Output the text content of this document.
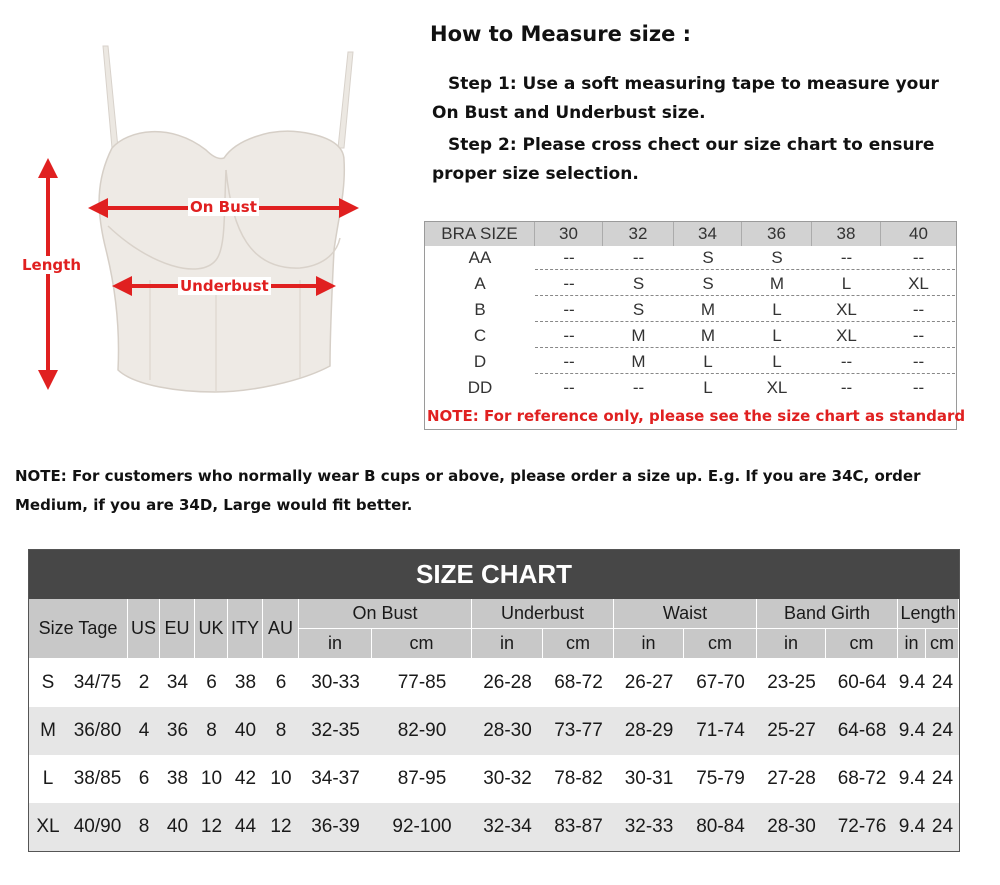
On Bust
Underbust
Length
How to Measure size :
Step 1: Use a soft measuring tape to measure your On Bust and Underbust size.
Step 2: Please cross chect our size chart to ensure proper size selection.
BRA SIZE	30	32	34	36	38	40
AA	--	--	S	S	--	--
A	--	S	S	M	L	XL
B	--	S	M	L	XL	--
C	--	M	M	L	XL	--
D	--	M	L	L	--	--
DD	--	--	L	XL	--	--
NOTE: For reference only, please see the size chart as standard
NOTE: For customers who normally wear B cups or above, please order a size up. E.g. If you are 34C, order Medium, if you are 34D, Large would fit better.
SIZE CHART
Size Tage US EU UK ITY AU
On Bust
in	cm
Underbust
in	cm
Waist
in	cm
Band Girth
in	cm
Length
in cm
S	34/75 2 34 6 38	6	30-33	77-85	26-28	68-72	26-27	67-70	23-25	60-64 9.4 24
M 36/80 4 36 8 40	8	32-35	82-90	28-30	73-77	28-29	71-74	25-27	64-68 9.4 24
L	38/85 6 38 10 42 10	34-37	87-95	30-32	78-82	30-31	75-79	27-28	68-72 9.4 24
XL 40/90 8 40 12 44 12	36-39	92-100	32-34	83-87	32-33	80-84	28-30	72-76 9.4 24
